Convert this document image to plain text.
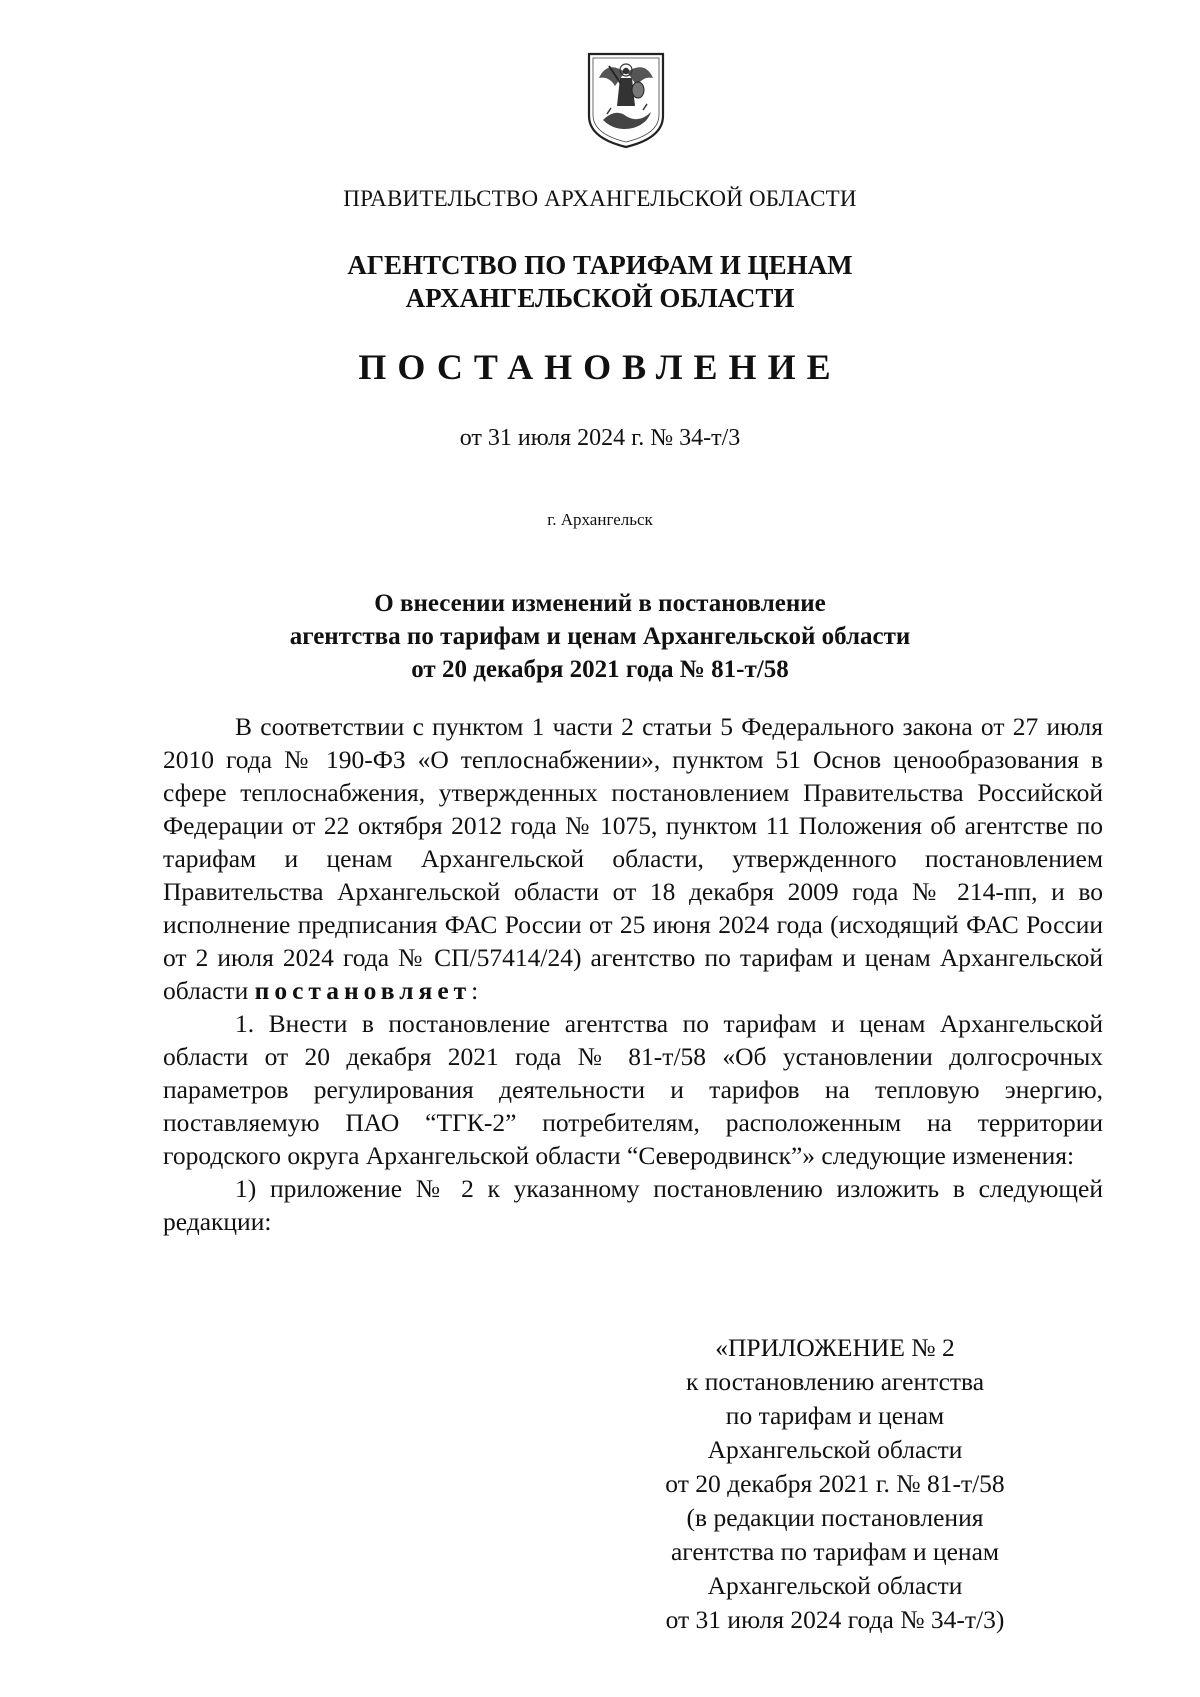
ПРАВИТЕЛЬСТВО АРХАНГЕЛЬСКОЙ ОБЛАСТИ
АГЕНТСТВО ПО ТАРИФАМ И ЦЕНАМ
АРХАНГЕЛЬСКОЙ ОБЛАСТИ
ПОСТАНОВЛЕНИЕ
от 31 июля 2024 г. № 34-т/3
г. Архангельск
О внесении изменений в постановление
агентства по тарифам и ценам Архангельской области
от 20 декабря 2021 года № 81-т/58

В соответствии с пунктом 1 части 2 статьи 5 Федерального закона от 27 июля 2010 года № 190-ФЗ «О теплоснабжении», пунктом 51 Основ ценообразования в сфере теплоснабжения, утвержденных постановлением Правительства Российской Федерации от 22 октября 2012 года № 1075, пунктом 11 Положения об агентстве по тарифам и ценам Архангельской области, утвержденного постановлением Правительства Архангельской области от 18 декабря 2009 года № 214-пп, и во исполнение предписания ФАС России от 25 июня 2024 года (исходящий ФАС России от 2 июля 2024 года № СП/57414/24) агентство по тарифам и ценам Архангельской области постановляет:

1. Внести в постановление агентства по тарифам и ценам Архангельской области от 20 декабря 2021 года № 81-т/58 «Об установлении долгосрочных параметров регулирования деятельности и тарифов на тепловую энергию, поставляемую ПАО “ТГК-2” потребителям, расположенным на территории городского округа Архангельской области “Северодвинск”» следующие изменения:

1) приложение № 2 к указанному постановлению изложить в следующей редакции:

«ПРИЛОЖЕНИЕ № 2
к постановлению агентства
по тарифам и ценам
Архангельской области
от 20 декабря 2021 г. № 81-т/58
(в редакции постановления
агентства по тарифам и ценам
Архангельской области
от 31 июля 2024 года № 34-т/3)
